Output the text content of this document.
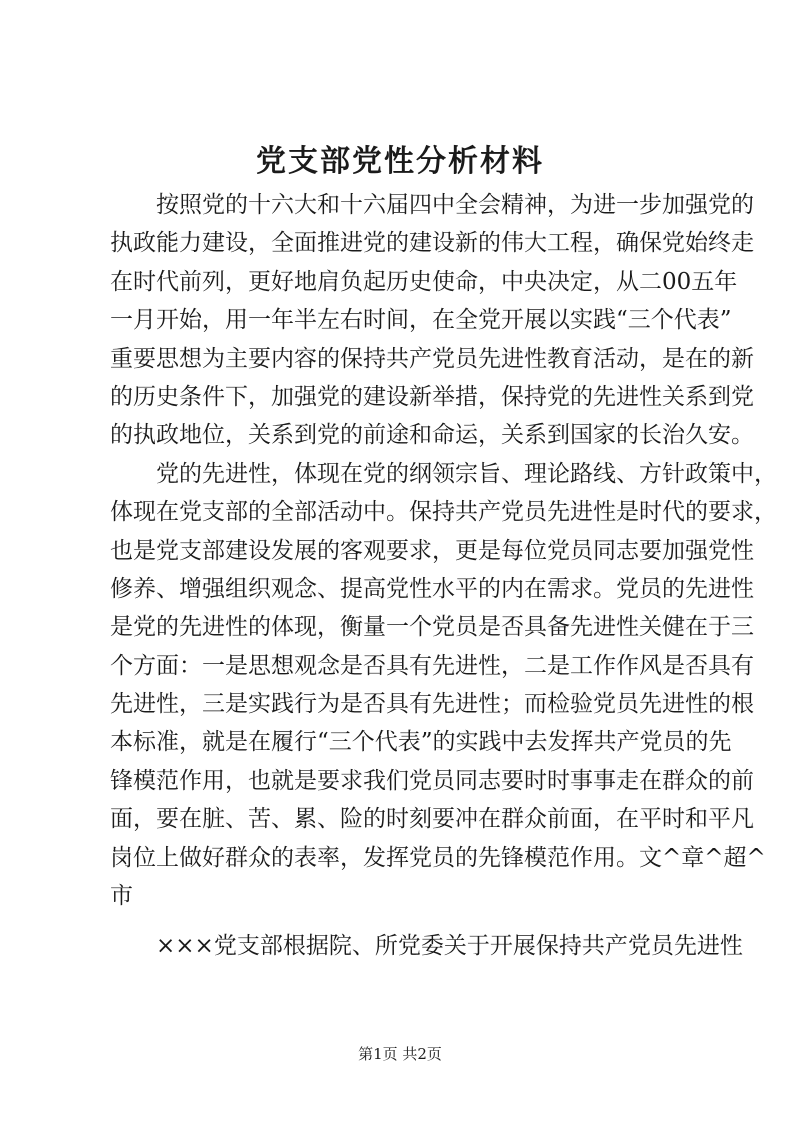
党支部党性分析材料
按照党的十六大和十六届四中全会精神，为进一步加强党的
执政能力建设，全面推进党的建设新的伟大工程，确保党始终走
在时代前列，更好地肩负起历史使命，中央决定，从二00五年
一月开始，用一年半左右时间，在全党开展以实践“三个代表”
重要思想为主要内容的保持共产党员先进性教育活动，是在的新
的历史条件下，加强党的建设新举措，保持党的先进性关系到党
的执政地位，关系到党的前途和命运，关系到国家的长治久安。
党的先进性，体现在党的纲领宗旨、理论路线、方针政策中，
体现在党支部的全部活动中。保持共产党员先进性是时代的要求，
也是党支部建设发展的客观要求，更是每位党员同志要加强党性
修养、增强组织观念、提高党性水平的内在需求。党员的先进性
是党的先进性的体现，衡量一个党员是否具备先进性关健在于三
个方面：一是思想观念是否具有先进性，二是工作作风是否具有
先进性，三是实践行为是否具有先进性；而检验党员先进性的根
本标准，就是在履行“三个代表”的实践中去发挥共产党员的先
锋模范作用，也就是要求我们党员同志要时时事事走在群众的前
面，要在脏、苦、累、险的时刻要冲在群众前面，在平时和平凡
岗位上做好群众的表率，发挥党员的先锋模范作用。文^章^超^
市
×××党支部根据院、所党委关于开展保持共产党员先进性
第1页 共2页
